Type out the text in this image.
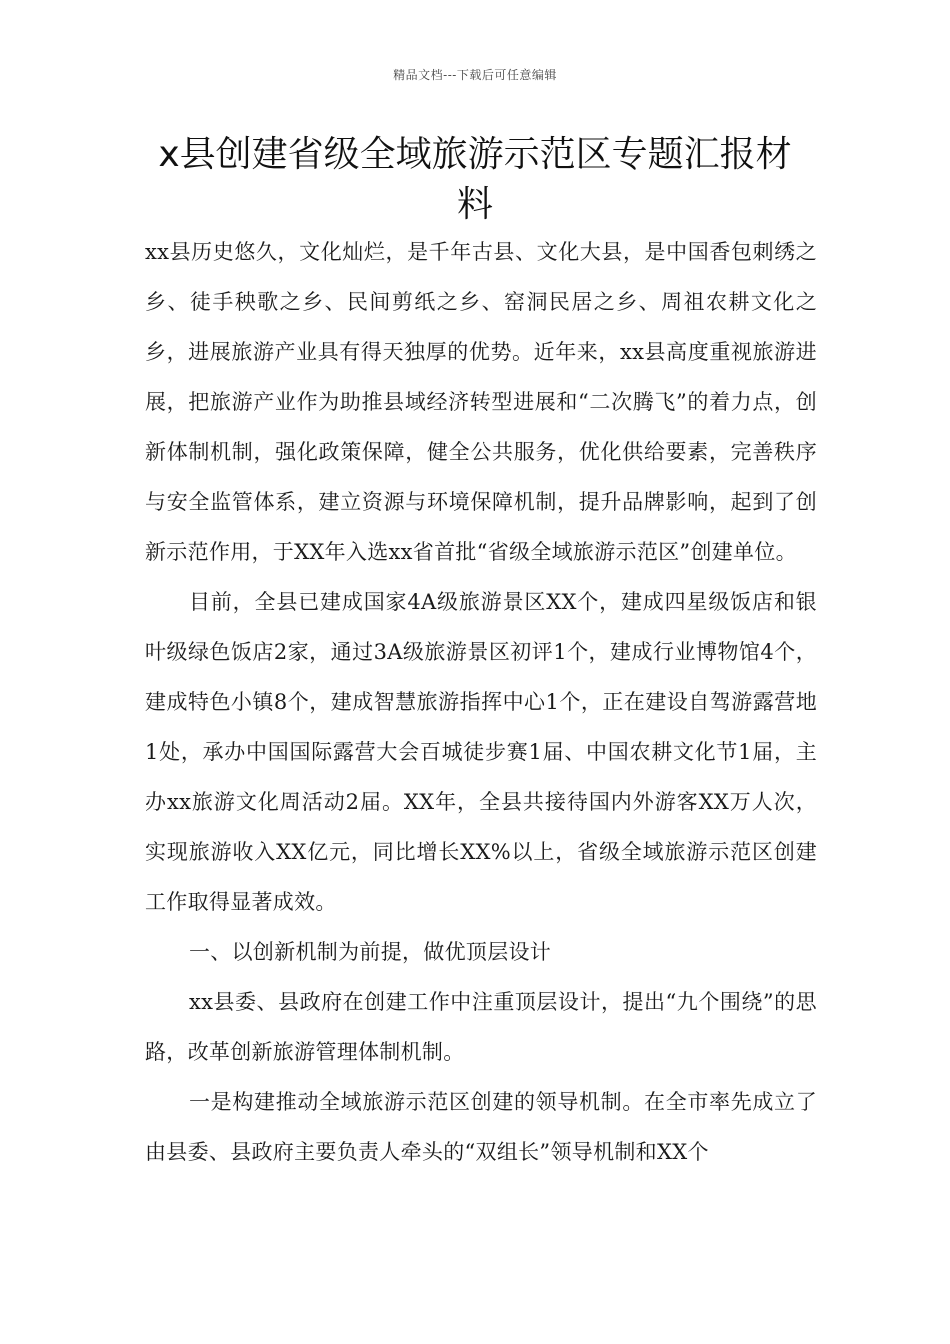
精品文档---下载后可任意编辑
x县创建省级全域旅游示范区专题汇报材料

xx县历史悠久，文化灿烂，是千年古县、文化大县，是中国香包刺绣之乡、徒手秧歌之乡、民间剪纸之乡、窑洞民居之乡、周祖农耕文化之乡，进展旅游产业具有得天独厚的优势。近年来，xx县高度重视旅游进展，把旅游产业作为助推县域经济转型进展和“二次腾飞”的着力点，创新体制机制，强化政策保障，健全公共服务，优化供给要素，完善秩序与安全监管体系，建立资源与环境保障机制，提升品牌影响，起到了创新示范作用，于XX年入选xx省首批“省级全域旅游示范区”创建单位。

目前，全县已建成国家4A级旅游景区XX个，建成四星级饭店和银叶级绿色饭店2家，通过3A级旅游景区初评1个，建成行业博物馆4个，建成特色小镇8个，建成智慧旅游指挥中心1个，正在建设自驾游露营地1处，承办中国国际露营大会百城徒步赛1届、中国农耕文化节1届，主办xx旅游文化周活动2届。XX年，全县共接待国内外游客XX万人次，实现旅游收入XX亿元，同比增长XX%以上，省级全域旅游示范区创建工作取得显著成效。

一、以创新机制为前提，做优顶层设计

xx县委、县政府在创建工作中注重顶层设计，提出“九个围绕”的思路，改革创新旅游管理体制机制。

一是构建推动全域旅游示范区创建的领导机制。在全市率先成立了由县委、县政府主要负责人牵头的“双组长”领导机制和XX个
